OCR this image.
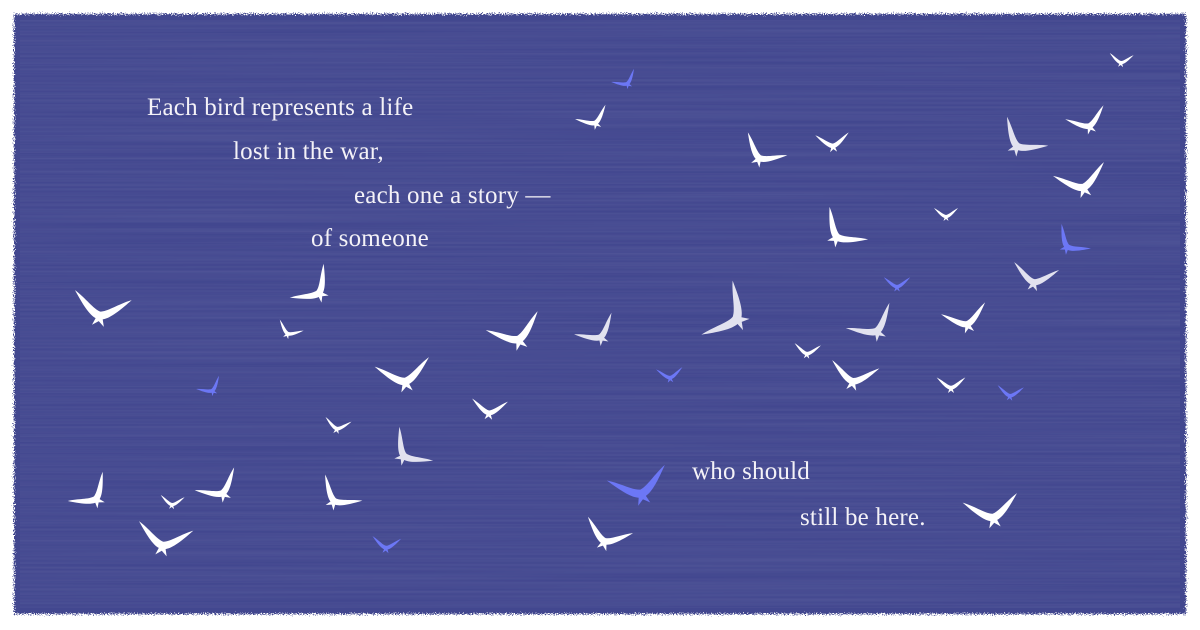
Each bird represents a life
lost in the war,
each one a story —
of someone
who should
still be here.
